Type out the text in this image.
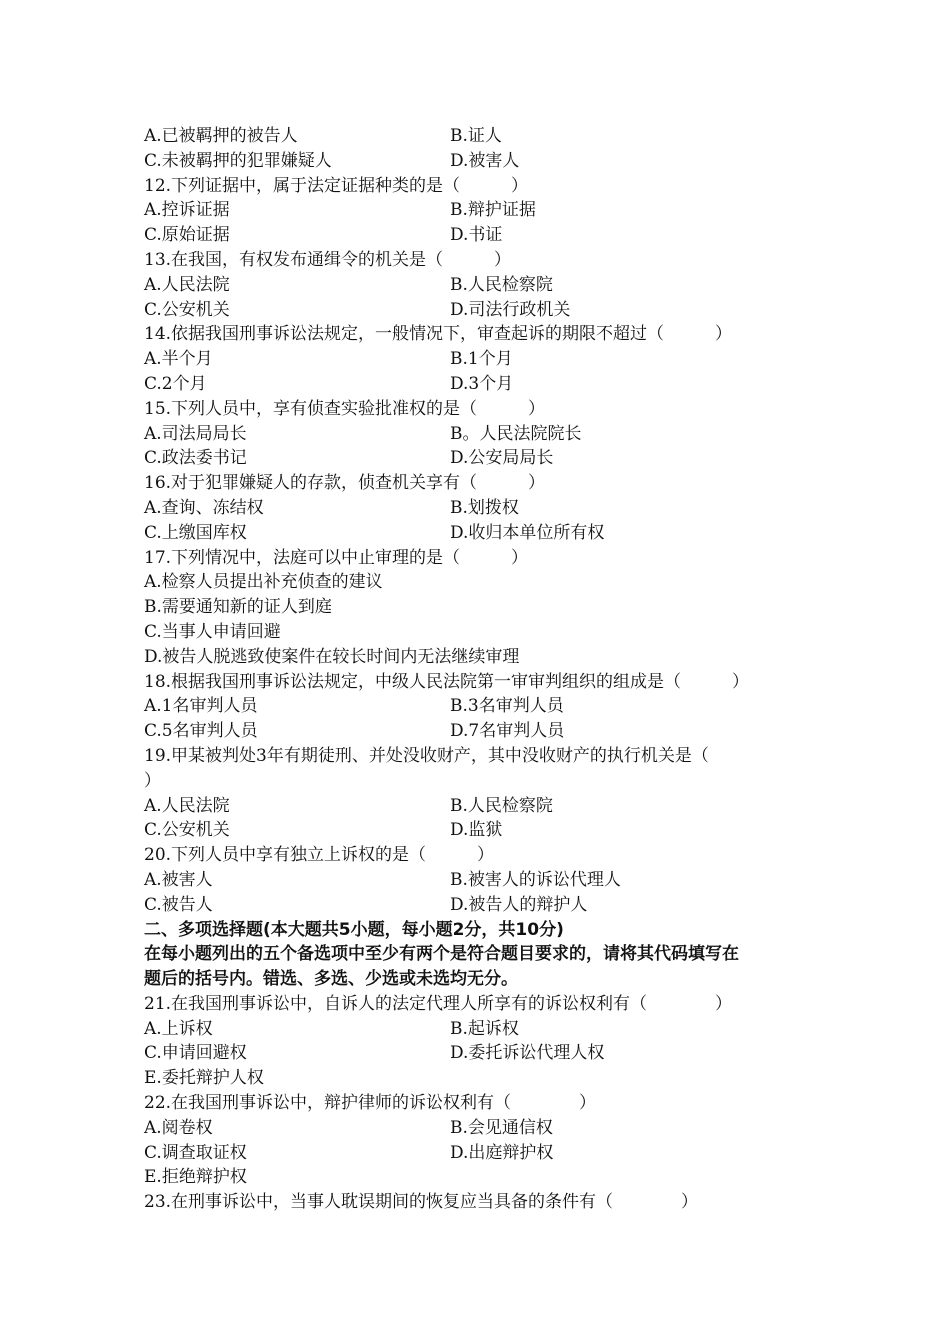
A.已被羁押的被告人	B.证人
C.未被羁押的犯罪嫌疑人	D.被害人
12.下列证据中，属于法定证据种类的是（　　　）
A.控诉证据	B.辩护证据
C.原始证据	D.书证
13.在我国，有权发布通缉令的机关是（　　　）
A.人民法院	B.人民检察院
C.公安机关	D.司法行政机关
14.依据我国刑事诉讼法规定，一般情况下，审查起诉的期限不超过（　　　）
A.半个月	B.1个月
C.2个月	D.3个月
15.下列人员中，享有侦查实验批准权的是（　　　）
A.司法局局长	B。人民法院院长
C.政法委书记	D.公安局局长
16.对于犯罪嫌疑人的存款，侦查机关享有（　　　）
A.查询、冻结权	B.划拨权
C.上缴国库权	D.收归本单位所有权
17.下列情况中，法庭可以中止审理的是（　　　）
A.检察人员提出补充侦查的建议
B.需要通知新的证人到庭
C.当事人申请回避
D.被告人脱逃致使案件在较长时间内无法继续审理
18.根据我国刑事诉讼法规定，中级人民法院第一审审判组织的组成是（　　　）
A.1名审判人员	B.3名审判人员
C.5名审判人员	D.7名审判人员
19.甲某被判处3年有期徒刑、并处没收财产，其中没收财产的执行机关是（
）
A.人民法院	B.人民检察院
C.公安机关	D.监狱
20.下列人员中享有独立上诉权的是（　　　）
A.被害人	B.被害人的诉讼代理人
C.被告人	D.被告人的辩护人
二、多项选择题(本大题共5小题，每小题2分，共10分)
在每小题列出的五个备选项中至少有两个是符合题目要求的，请将其代码填写在
题后的括号内。错选、多选、少选或未选均无分。
21.在我国刑事诉讼中，自诉人的法定代理人所享有的诉讼权利有（　　　　）
A.上诉权	B.起诉权
C.申请回避权	D.委托诉讼代理人权
E.委托辩护人权
22.在我国刑事诉讼中，辩护律师的诉讼权利有（　　　　）
A.阅卷权	B.会见通信权
C.调查取证权	D.出庭辩护权
E.拒绝辩护权
23.在刑事诉讼中，当事人耽误期间的恢复应当具备的条件有（　　　　）
